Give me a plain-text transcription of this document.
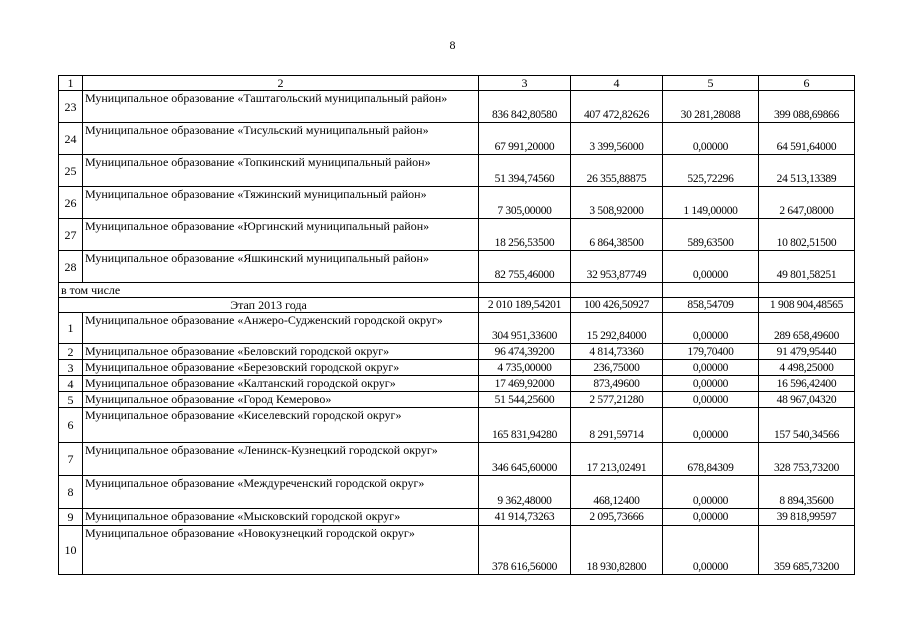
8
1	2	3	4	5	6
23	Муниципальное образование «Таштагольский муниципальный район»	836 842,80580	407 472,82626	30 281,28088	399 088,69866
24	Муниципальное образование «Тисульский муниципальный район»	67 991,20000	3 399,56000	0,00000	64 591,64000
25	Муниципальное образование «Топкинский муниципальный район»	51 394,74560	26 355,88875	525,72296	24 513,13389
26	Муниципальное образование «Тяжинский муниципальный район»	7 305,00000	3 508,92000	1 149,00000	2 647,08000
27	Муниципальное образование «Юргинский муниципальный район»	18 256,53500	6 864,38500	589,63500	10 802,51500
28	Муниципальное образование «Яшкинский муниципальный район»	82 755,46000	32 953,87749	0,00000	49 801,58251
в том числе					
Этап 2013 года		2 010 189,54201	100 426,50927	858,54709	1 908 904,48565
1	Муниципальное образование «Анжеро-Судженский городской округ»	304 951,33600	15 292,84000	0,00000	289 658,49600
2	Муниципальное образование «Беловский городской округ»	96 474,39200	4 814,73360	179,70400	91 479,95440
3	Муниципальное образование «Березовский городской округ»	4 735,00000	236,75000	0,00000	4 498,25000
4	Муниципальное образование «Калтанский городской округ»	17 469,92000	873,49600	0,00000	16 596,42400
5	Муниципальное образование «Город Кемерово»	51 544,25600	2 577,21280	0,00000	48 967,04320
6	Муниципальное образование «Киселевский городской округ»	165 831,94280	8 291,59714	0,00000	157 540,34566
7	Муниципальное образование «Ленинск-Кузнецкий городской округ»	346 645,60000	17 213,02491	678,84309	328 753,73200
8	Муниципальное образование «Междуреченский городской округ»	9 362,48000	468,12400	0,00000	8 894,35600
9	Муниципальное образование «Мысковский городской округ»	41 914,73263	2 095,73666	0,00000	39 818,99597
10	Муниципальное образование «Новокузнецкий городской округ»	378 616,56000	18 930,82800	0,00000	359 685,73200
